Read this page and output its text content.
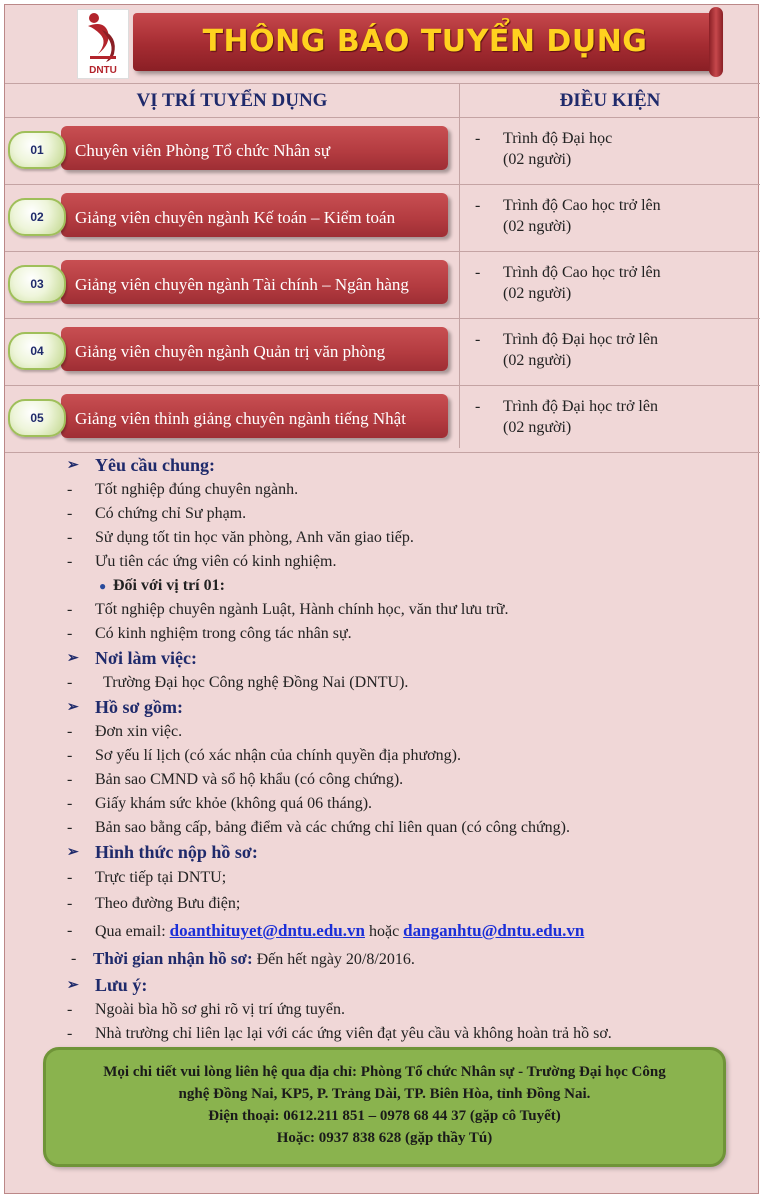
DNTU
THÔNG BÁO TUYỂN DỤNG
VỊ TRÍ TUYỂN DỤNG	ĐIỀU KIỆN
01	Chuyên viên Phòng Tổ chức Nhân sự
- Trình độ Đại học
(02 người)
02	Giảng viên chuyên ngành Kế toán – Kiểm toán
- Trình độ Cao học trở lên
(02 người)
03	Giảng viên chuyên ngành Tài chính – Ngân hàng
- Trình độ Cao học trở lên
(02 người)
04	Giảng viên chuyên ngành Quản trị văn phòng
- Trình độ Đại học trở lên
(02 người)
05	Giảng viên thỉnh giảng chuyên ngành tiếng Nhật
- Trình độ Đại học trở lên
(02 người)
➢ Yêu cầu chung:
- Tốt nghiệp đúng chuyên ngành.
- Có chứng chỉ Sư phạm.
- Sử dụng tốt tin học văn phòng, Anh văn giao tiếp.
- Ưu tiên các ứng viên có kinh nghiệm.
● Đối với vị trí 01:
- Tốt nghiệp chuyên ngành Luật, Hành chính học, văn thư lưu trữ.
- Có kinh nghiệm trong công tác nhân sự.
➢ Nơi làm việc:
- Trường Đại học Công nghệ Đồng Nai (DNTU).
➢ Hồ sơ gồm:
- Đơn xin việc.
- Sơ yếu lí lịch (có xác nhận của chính quyền địa phương).
- Bản sao CMND và sổ hộ khẩu (có công chứng).
- Giấy khám sức khỏe (không quá 06 tháng).
- Bản sao bằng cấp, bảng điểm và các chứng chỉ liên quan (có công chứng).
➢ Hình thức nộp hồ sơ:
- Trực tiếp tại DNTU;
- Theo đường Bưu điện;
- Qua email: doanthituyet@dntu.edu.vn hoặc danganhtu@dntu.edu.vn
- Thời gian nhận hồ sơ: Đến hết ngày 20/8/2016.
➢ Lưu ý:
- Ngoài bìa hồ sơ ghi rõ vị trí ứng tuyển.
- Nhà trường chỉ liên lạc lại với các ứng viên đạt yêu cầu và không hoàn trả hồ sơ.
Mọi chi tiết vui lòng liên hệ qua địa chỉ: Phòng Tổ chức Nhân sự - Trường Đại học Công
nghệ Đồng Nai, KP5, P. Trảng Dài, TP. Biên Hòa, tỉnh Đồng Nai.
Điện thoại: 0612.211 851 – 0978 68 44 37 (gặp cô Tuyết)
Hoặc: 0937 838 628 (gặp thầy Tú)
